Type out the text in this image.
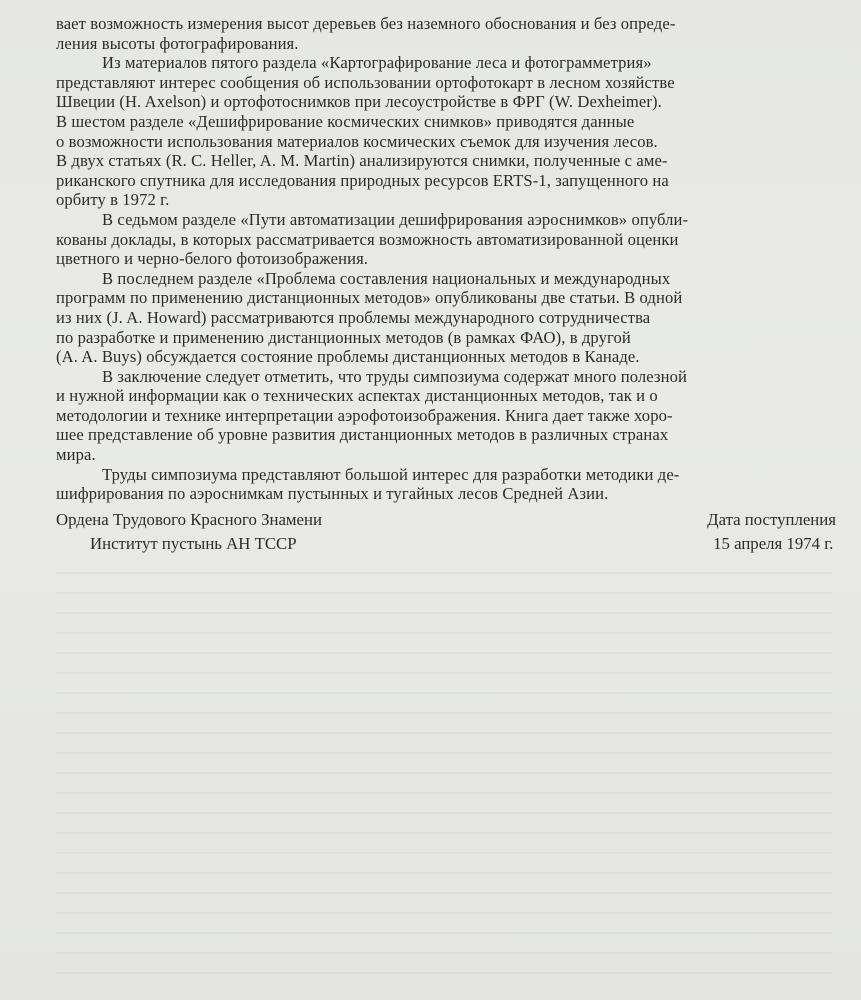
вает возможность измерения высот деревьев без наземного обоснования и без опреде-
ления высоты фотографирования.
Из материалов пятого раздела «Картографирование леса и фотограмметрия»
представляют интерес сообщения об использовании ортофотокарт в лесном хозяйстве
Швеции (H. Axelson) и ортофотоснимков при лесоустройстве в ФРГ (W. Dexheimer).
В шестом разделе «Дешифрирование космических снимков» приводятся данные
о возможности использования материалов космических съемок для изучения лесов.
В двух статьях (R. C. Heller, A. M. Martin) анализируются снимки, полученные с аме-
риканского спутника для исследования природных ресурсов ERTS-1, запущенного на
орбиту в 1972 г.
В седьмом разделе «Пути автоматизации дешифрирования аэроснимков» опубли-
кованы доклады, в которых рассматривается возможность автоматизированной оценки
цветного и черно-белого фотоизображения.
В последнем разделе «Проблема составления национальных и международных
программ по применению дистанционных методов» опубликованы две статьи. В одной
из них (J. A. Howard) рассматриваются проблемы международного сотрудничества
по разработке и применению дистанционных методов (в рамках ФАО), в другой
(A. A. Buys) обсуждается состояние проблемы дистанционных методов в Канаде.
В заключение следует отметить, что труды симпозиума содержат много полезной
и нужной информации как о технических аспектах дистанционных методов, так и о
методологии и технике интерпретации аэрофотоизображения. Книга дает также хоро-
шее представление об уровне развития дистанционных методов в различных странах
мира.
Труды симпозиума представляют большой интерес для разработки методики де-
шифрирования по аэроснимкам пустынных и тугайных лесов Средней Азии.
Ордена Трудового Красного Знамени
Институт пустынь АН ТССР
Дата поступления
15 апреля 1974 г.
